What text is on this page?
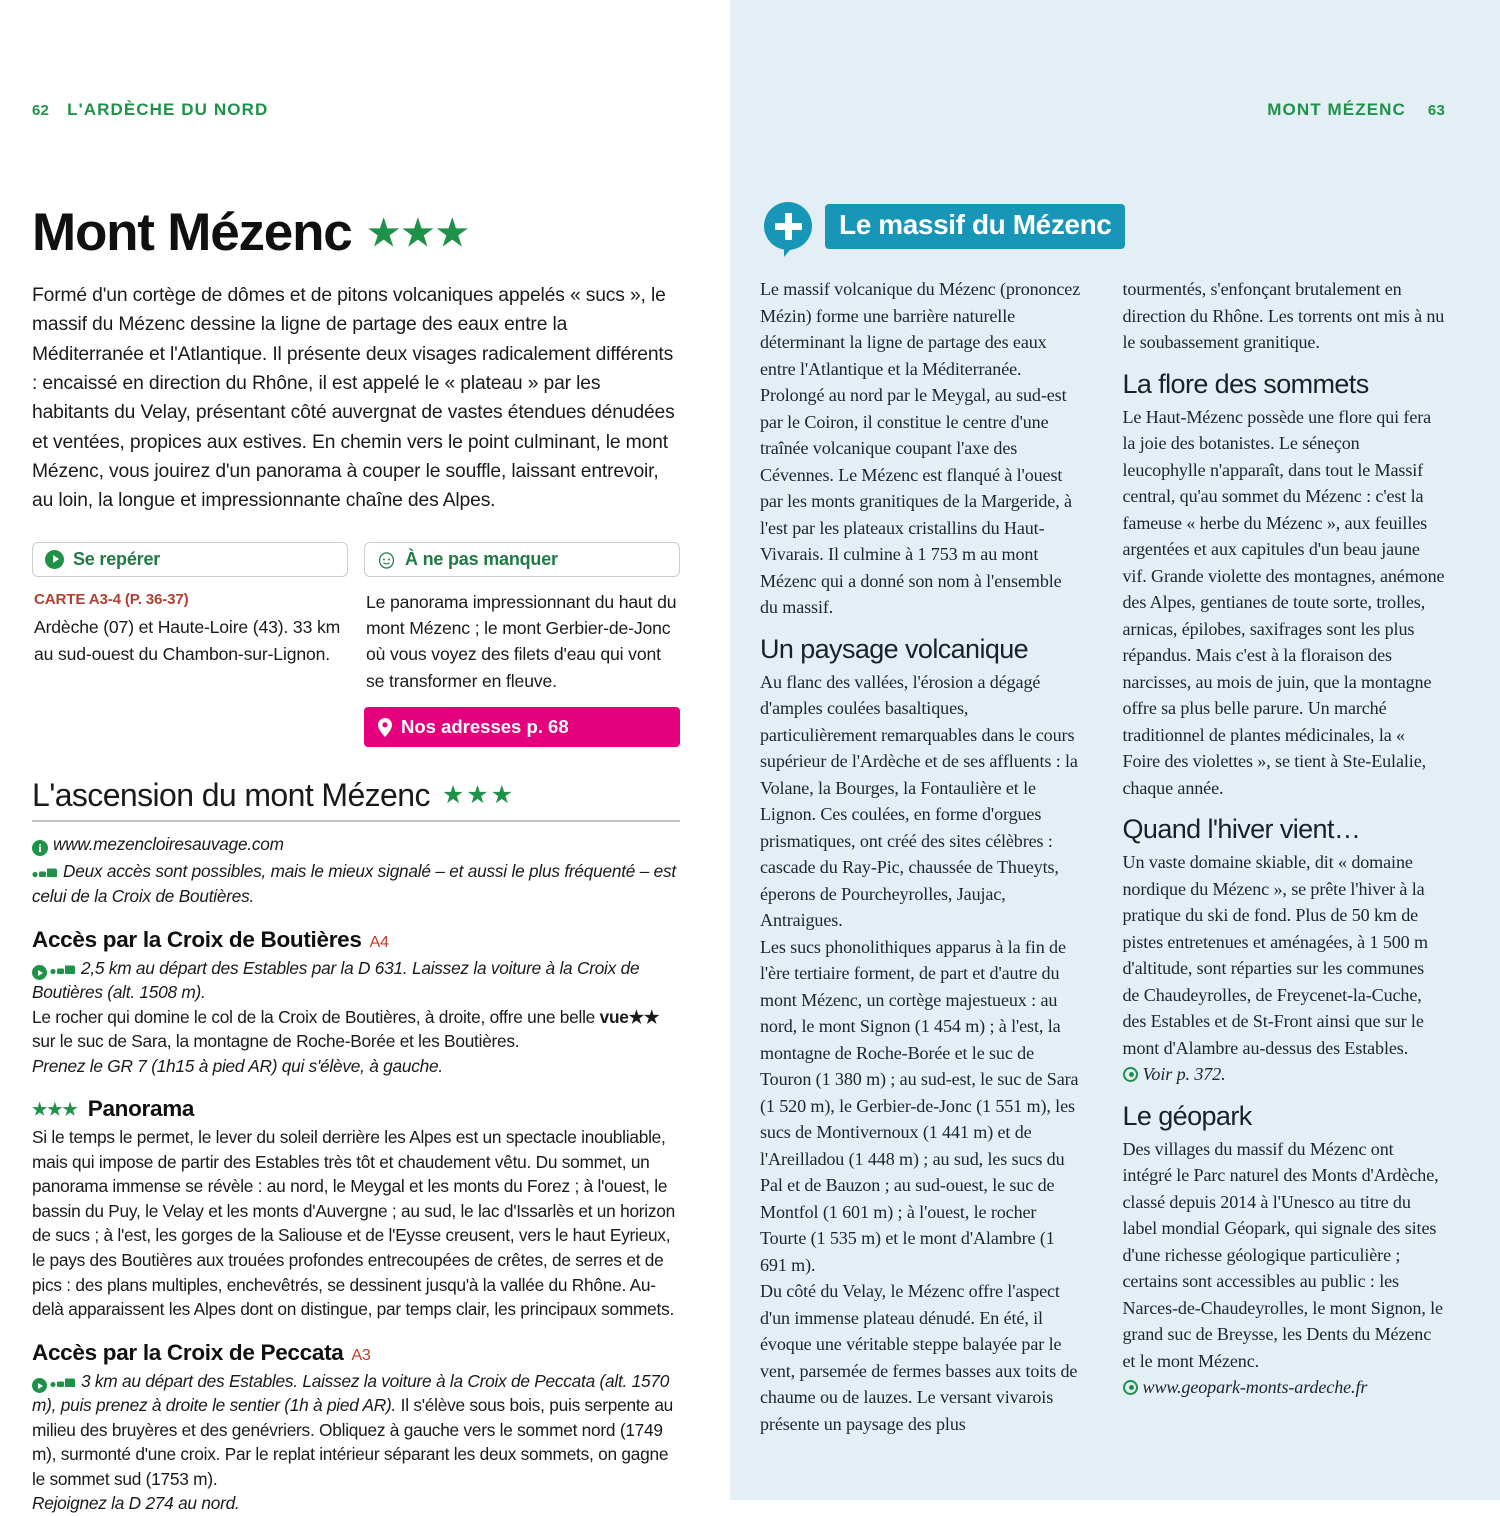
62 L'ARDÈCHE DU NORD
Mont Mézenc ★★★

Formé d'un cortège de dômes et de pitons volcaniques appelés « sucs », le massif du Mézenc dessine la ligne de partage des eaux entre la Méditerranée et l'Atlantique. Il présente deux visages radicalement différents : encaissé en direction du Rhône, il est appelé le « plateau » par les habitants du Velay, présentant côté auvergnat de vastes étendues dénudées et ventées, propices aux estives. En chemin vers le point culminant, le mont Mézenc, vous jouirez d'un panorama à couper le souffle, laissant entrevoir, au loin, la longue et impressionnante chaîne des Alpes.

Se repérer
CARTE A3-4 (P. 36-37)
Ardèche (07) et Haute-Loire (43). 33 km au sud-ouest du Chambon-sur-Lignon.
À ne pas manquer
Le panorama impressionnant du haut du mont Mézenc ; le mont Gerbier-de-Jonc où vous voyez des filets d'eau qui vont se transformer en fleuve.
Nos adresses p. 68
L'ascension du mont Mézenc ★★★
i www.mezencloiresauvage.com
Deux accès sont possibles, mais le mieux signalé – et aussi le plus fréquenté – est celui de la Croix de Boutières.
Accès par la Croix de Boutières A4

2,5 km au départ des Estables par la D 631. Laissez la voiture à la Croix de Boutières (alt. 1508 m).

Le rocher qui domine le col de la Croix de Boutières, à droite, offre une belle vue★★ sur le suc de Sara, la montagne de Roche-Borée et les Boutières.

Prenez le GR 7 (1h15 à pied AR) qui s'élève, à gauche.

★★★ Panorama

Si le temps le permet, le lever du soleil derrière les Alpes est un spectacle inoubliable, mais qui impose de partir des Estables très tôt et chaudement vêtu. Du sommet, un panorama immense se révèle : au nord, le Meygal et les monts du Forez ; à l'ouest, le bassin du Puy, le Velay et les monts d'Auvergne ; au sud, le lac d'Issarlès et un horizon de sucs ; à l'est, les gorges de la Saliouse et de l'Eysse creusent, vers le haut Eyrieux, le pays des Boutières aux trouées profondes entrecoupées de crêtes, de serres et de pics : des plans multiples, enchevêtrés, se dessinent jusqu'à la vallée du Rhône. Au-delà apparaissent les Alpes dont on distingue, par temps clair, les principaux sommets.

Accès par la Croix de Peccata A3

3 km au départ des Estables. Laissez la voiture à la Croix de Peccata (alt. 1570 m), puis prenez à droite le sentier (1h à pied AR). Il s'élève sous bois, puis serpente au milieu des bruyères et des genévriers. Obliquez à gauche vers le sommet nord (1749 m), surmonté d'une croix. Par le replat intérieur séparant les deux sommets, on gagne le sommet sud (1753 m).

Rejoignez la D 274 au nord.

MONT MÉZENC 63
Le massif du Mézenc

Le massif volcanique du Mézenc (prononcez Mézin) forme une barrière naturelle déterminant la ligne de partage des eaux entre l'Atlantique et la Méditerranée. Prolongé au nord par le Meygal, au sud-est par le Coiron, il constitue le centre d'une traînée volcanique coupant l'axe des Cévennes. Le Mézenc est flanqué à l'ouest par les monts granitiques de la Margeride, à l'est par les plateaux cristallins du Haut-Vivarais. Il culmine à 1 753 m au mont Mézenc qui a donné son nom à l'ensemble du massif.

Un paysage volcanique

Au flanc des vallées, l'érosion a dégagé d'amples coulées basaltiques, particulièrement remarquables dans le cours supérieur de l'Ardèche et de ses affluents : la Volane, la Bourges, la Fontaulière et le Lignon. Ces coulées, en forme d'orgues prismatiques, ont créé des sites célèbres : cascade du Ray-Pic, chaussée de Thueyts, éperons de Pourcheyrolles, Jaujac, Antraigues.

Les sucs phonolithiques apparus à la fin de l'ère tertiaire forment, de part et d'autre du mont Mézenc, un cortège majestueux : au nord, le mont Signon (1 454 m) ; à l'est, la montagne de Roche-Borée et le suc de Touron (1 380 m) ; au sud-est, le suc de Sara (1 520 m), le Gerbier-de-Jonc (1 551 m), les sucs de Montivernoux (1 441 m) et de l'Areilladou (1 448 m) ; au sud, les sucs du Pal et de Bauzon ; au sud-ouest, le suc de Montfol (1 601 m) ; à l'ouest, le rocher Tourte (1 535 m) et le mont d'Alambre (1 691 m).

Du côté du Velay, le Mézenc offre l'aspect d'un immense plateau dénudé. En été, il évoque une véritable steppe balayée par le vent, parsemée de fermes basses aux toits de chaume ou de lauzes. Le versant vivarois présente un paysage des plus

tourmentés, s'enfonçant brutalement en direction du Rhône. Les torrents ont mis à nu le soubassement granitique.

La flore des sommets

Le Haut-Mézenc possède une flore qui fera la joie des botanistes. Le séneçon leucophylle n'apparaît, dans tout le Massif central, qu'au sommet du Mézenc : c'est la fameuse « herbe du Mézenc », aux feuilles argentées et aux capitules d'un beau jaune vif. Grande violette des montagnes, anémone des Alpes, gentianes de toute sorte, trolles, arnicas, épilobes, saxifrages sont les plus répandus. Mais c'est à la floraison des narcisses, au mois de juin, que la montagne offre sa plus belle parure. Un marché traditionnel de plantes médicinales, la « Foire des violettes », se tient à Ste-Eulalie, chaque année.

Quand l'hiver vient…

Un vaste domaine skiable, dit « domaine nordique du Mézenc », se prête l'hiver à la pratique du ski de fond. Plus de 50 km de pistes entretenues et aménagées, à 1 500 m d'altitude, sont réparties sur les communes de Chaudeyrolles, de Freycenet-la-Cuche, des Estables et de St-Front ainsi que sur le mont d'Alambre au-dessus des Estables.

Voir p. 372.

Le géopark

Des villages du massif du Mézenc ont intégré le Parc naturel des Monts d'Ardèche, classé depuis 2014 à l'Unesco au titre du label mondial Géopark, qui signale des sites d'une richesse géologique particulière ; certains sont accessibles au public : les Narces-de-Chaudeyrolles, le mont Signon, le grand suc de Breysse, les Dents du Mézenc et le mont Mézenc.

www.geopark-monts-ardeche.fr
